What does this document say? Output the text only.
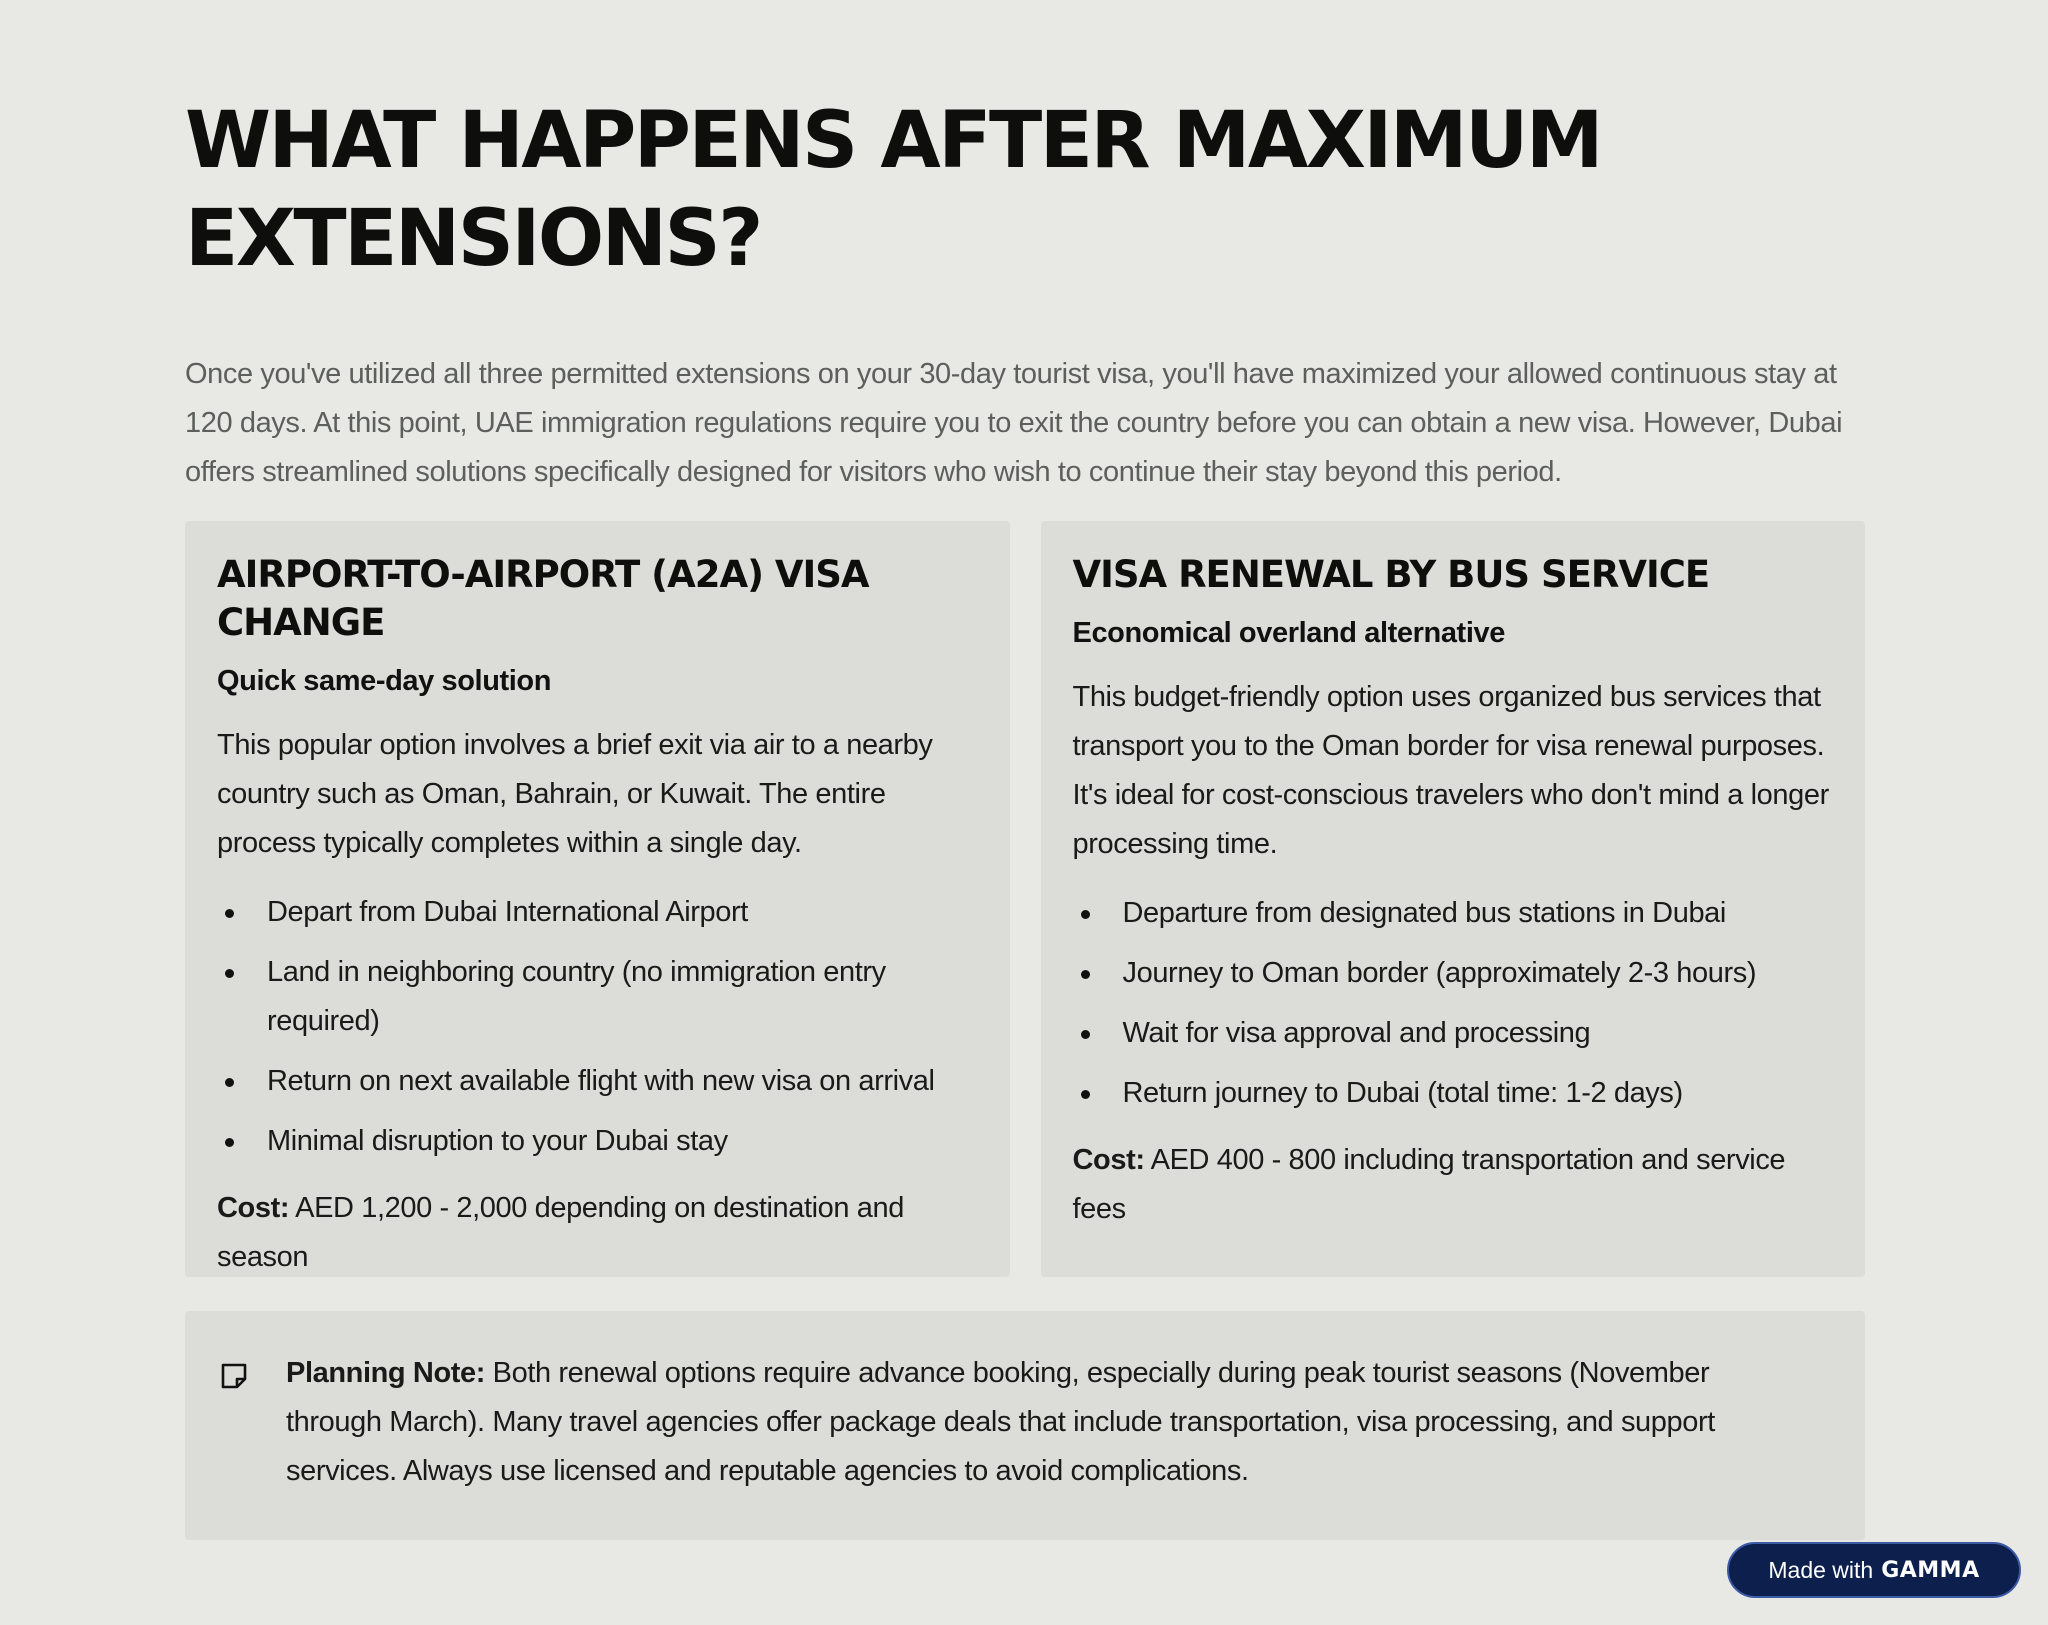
WHAT HAPPENS AFTER MAXIMUM EXTENSIONS?

Once you've utilized all three permitted extensions on your 30-day tourist visa, you'll have maximized your allowed continuous stay at 120 days. At this point, UAE immigration regulations require you to exit the country before you can obtain a new visa. However, Dubai offers streamlined solutions specifically designed for visitors who wish to continue their stay beyond this period.

AIRPORT-TO-AIRPORT (A2A) VISA CHANGE
Quick same-day solution

This popular option involves a brief exit via air to a nearby country such as Oman, Bahrain, or Kuwait. The entire process typically completes within a single day.

Depart from Dubai International Airport
Land in neighboring country (no immigration entry required)
Return on next available flight with new visa on arrival
Minimal disruption to your Dubai stay

Cost: AED 1,200 - 2,000 depending on destination and season

VISA RENEWAL BY BUS SERVICE
Economical overland alternative

This budget-friendly option uses organized bus services that transport you to the Oman border for visa renewal purposes. It's ideal for cost-conscious travelers who don't mind a longer processing time.

Departure from designated bus stations in Dubai
Journey to Oman border (approximately 2-3 hours)
Wait for visa approval and processing
Return journey to Dubai (total time: 1-2 days)

Cost: AED 400 - 800 including transportation and service fees

Planning Note: Both renewal options require advance booking, especially during peak tourist seasons (November through March). Many travel agencies offer package deals that include transportation, visa processing, and support services. Always use licensed and reputable agencies to avoid complications.

Made with GAMMA
